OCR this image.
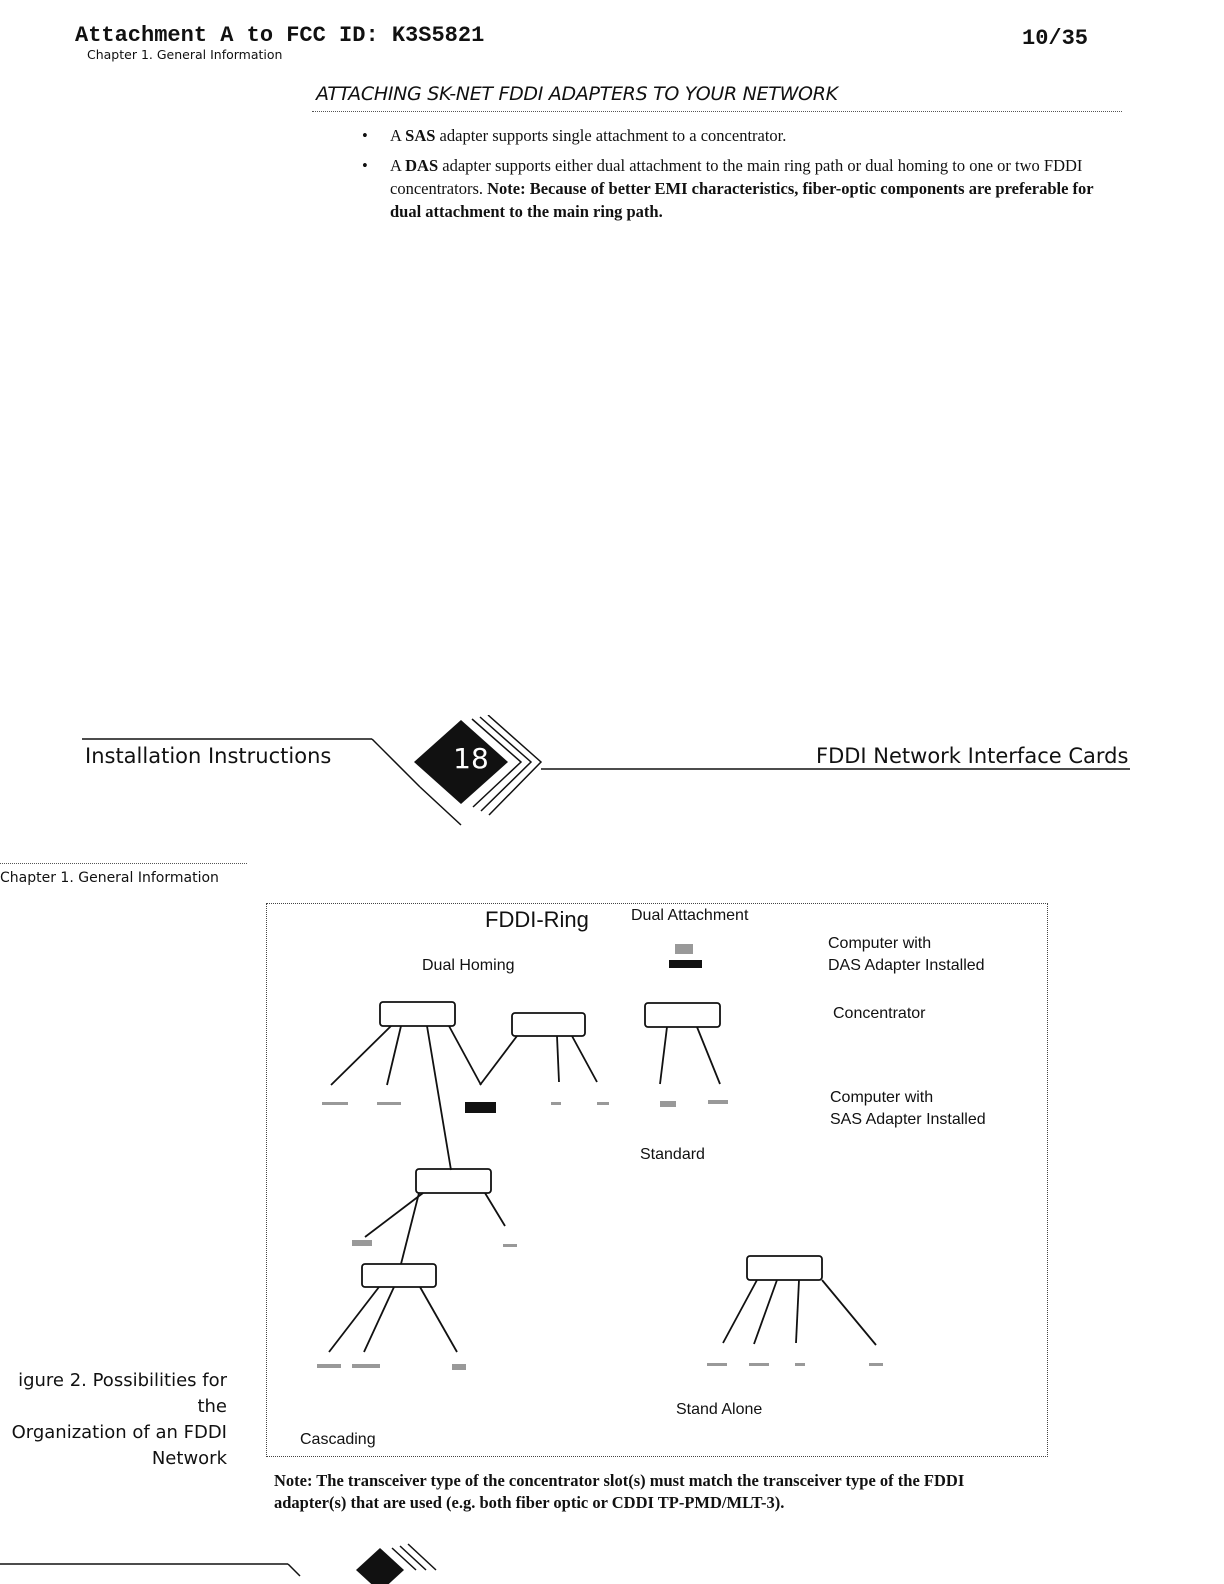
Attachment A to FCC ID: K3S5821	10/35
Chapter 1. General Information
ATTACHING SK-NET FDDI ADAPTERS TO YOUR NETWORK
• A SAS adapter supports single attachment to a concentrator.
• A DAS adapter supports either dual attachment to the main ring path or dual homing to one or two FDDI concentrators. Note: Because of better EMI characteristics, fiber-optic components are preferable for dual attachment to the main ring path.
Installation Instructions	18	FDDI Network Interface Cards
Chapter 1. General Information
FDDI-Ring	Dual Attachment
Dual Homing
Computer with
DAS Adapter Installed
Concentrator
Computer with
SAS Adapter Installed
Standard
Stand Alone
Cascading
igure 2. Possibilities for the
Organization of an FDDI
Network
Note: The transceiver type of the concentrator slot(s) must match the transceiver type of the FDDI adapter(s) that are used (e.g. both fiber optic or CDDI TP-PMD/MLT-3).
